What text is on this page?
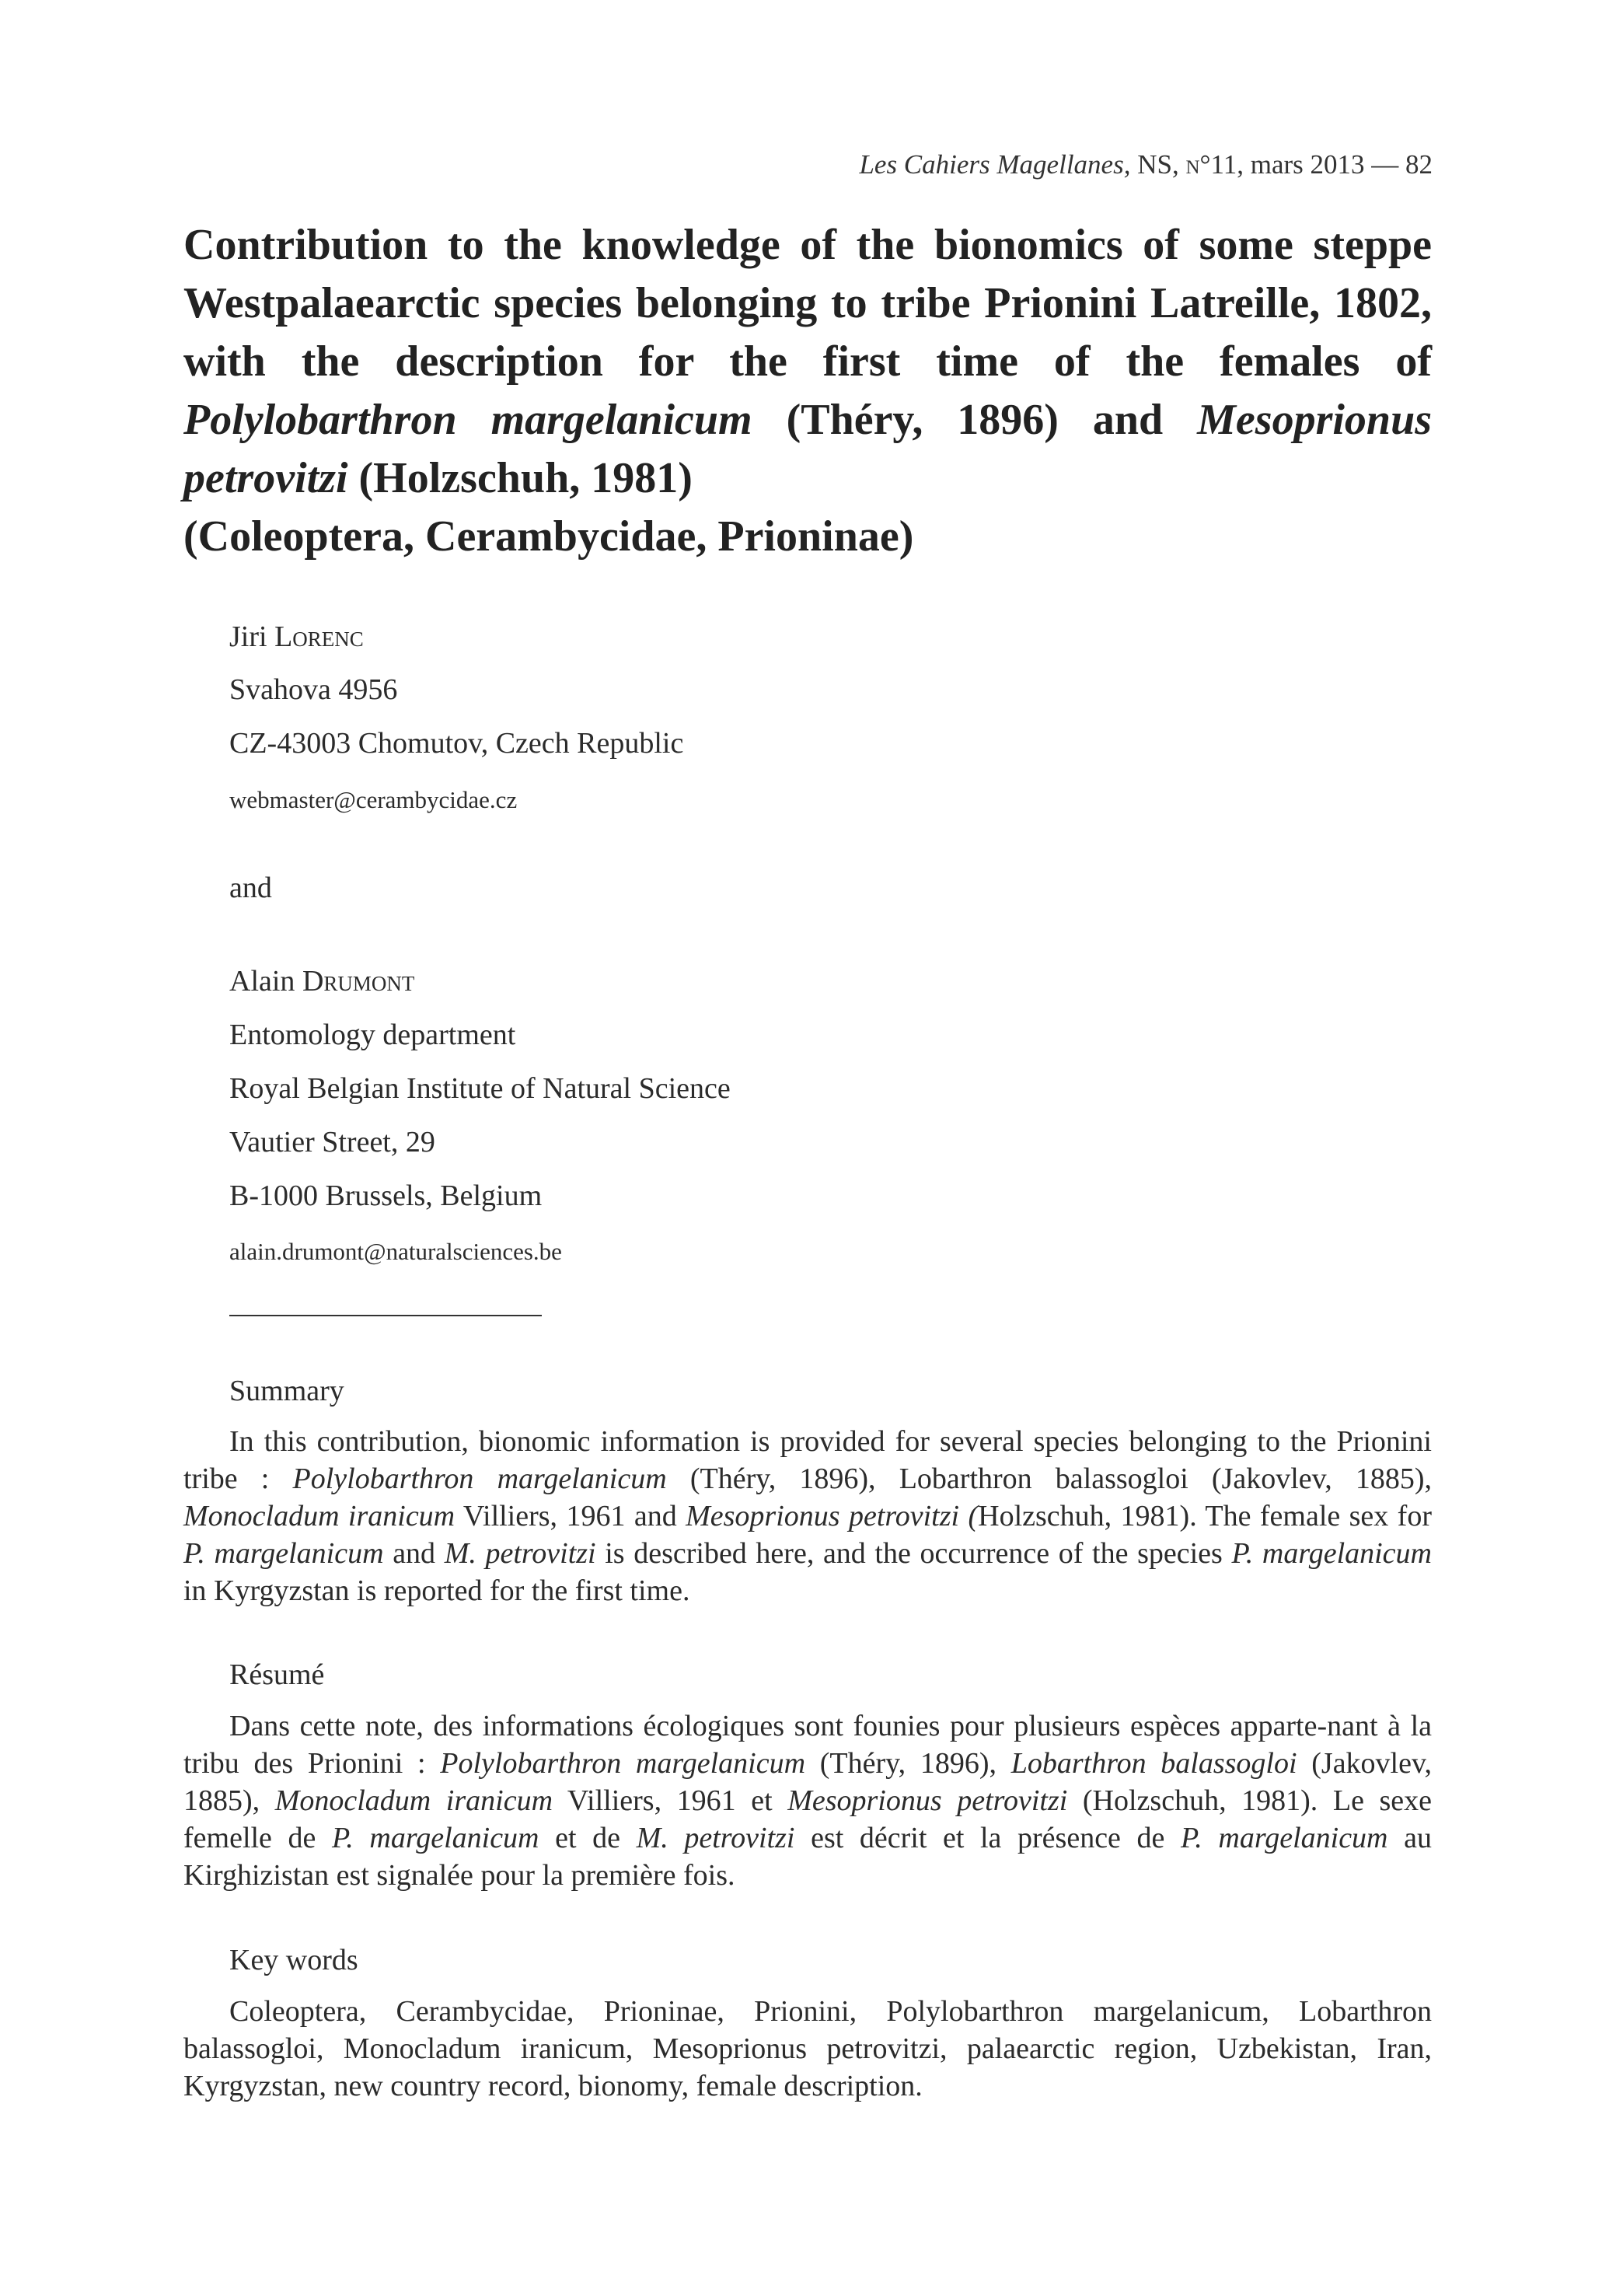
Les Cahiers Magellanes, NS, N°11, mars 2013 — 82

Contribution to the knowledge of the bionomics of some steppe Westpalaearctic species belonging to tribe Prionini Latreille, 1802, with the description for the first time of the females of Polylobarthron margelanicum (Théry, 1896) and Mesoprionus petrovitzi (Holzschuh, 1981)

(Coleoptera, Cerambycidae, Prioninae)

Jiri Lorenc
Svahova 4956
CZ-43003 Chomutov, Czech Republic
webmaster@cerambycidae.cz
and
Alain Drumont
Entomology department
Royal Belgian Institute of Natural Science
Vautier Street, 29
B-1000 Brussels, Belgium
alain.drumont@naturalsciences.be
Summary
In this contribution, bionomic information is provided for several species belonging to the Prionini tribe : Polylobarthron margelanicum (Théry, 1896), Lobarthron balassogloi (Jakovlev, 1885), Monocladum iranicum Villiers, 1961 and Mesoprionus petrovitzi (Holzschuh, 1981). The female sex for P. margelanicum and M. petrovitzi is described here, and the occurrence of the species P. margelanicum in Kyrgyzstan is reported for the first time.
Résumé
Dans cette note, des informations écologiques sont founies pour plusieurs espèces apparte-nant à la tribu des Prionini : Polylobarthron margelanicum (Théry, 1896), Lobarthron balassogloi (Jakovlev, 1885), Monocladum iranicum Villiers, 1961 et Mesoprionus petrovitzi (Holzschuh, 1981). Le sexe femelle de P. margelanicum et de M. petrovitzi est décrit et la présence de P. margelanicum au Kirghizistan est signalée pour la première fois.
Key words
Coleoptera, Cerambycidae, Prioninae, Prionini, Polylobarthron margelanicum, Lobarthron balassogloi, Monocladum iranicum, Mesoprionus petrovitzi, palaearctic region, Uzbekistan, Iran, Kyrgyzstan, new country record, bionomy, female description.
